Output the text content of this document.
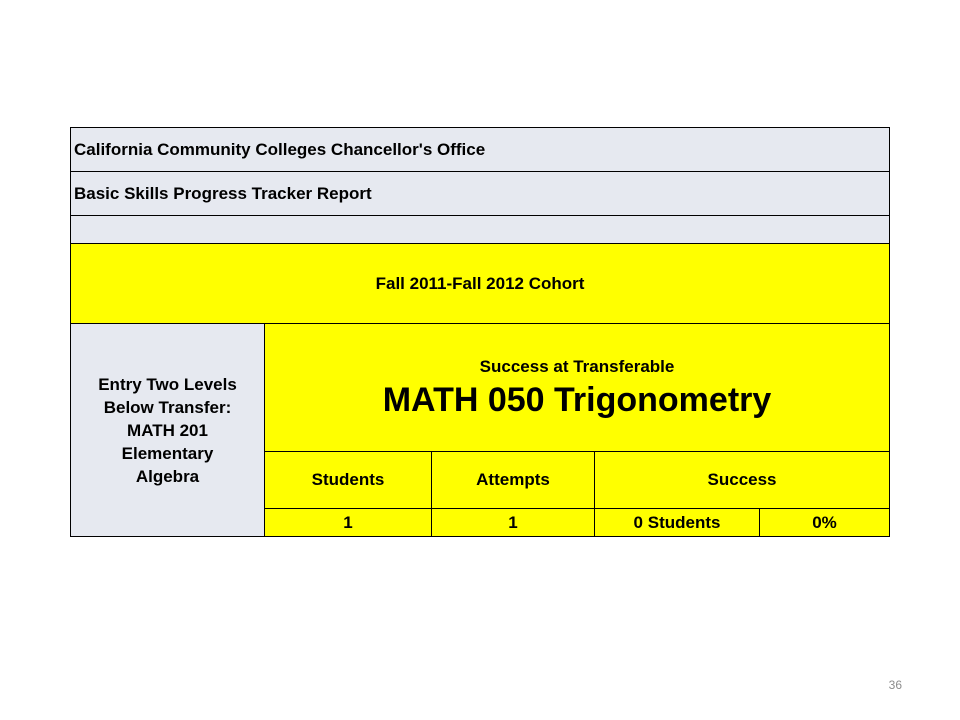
California Community Colleges Chancellor's Office				
Basic Skills Progress Tracker Report				

Fall 2011-Fall 2012 Cohort				
Entry Two Levels
Below Transfer:
MATH 201
Elementary
Algebra	Success at Transferable
MATH 050 Trigonometry			

	Students	Attempts	Success	
	1	1	0 Students	0%
36
